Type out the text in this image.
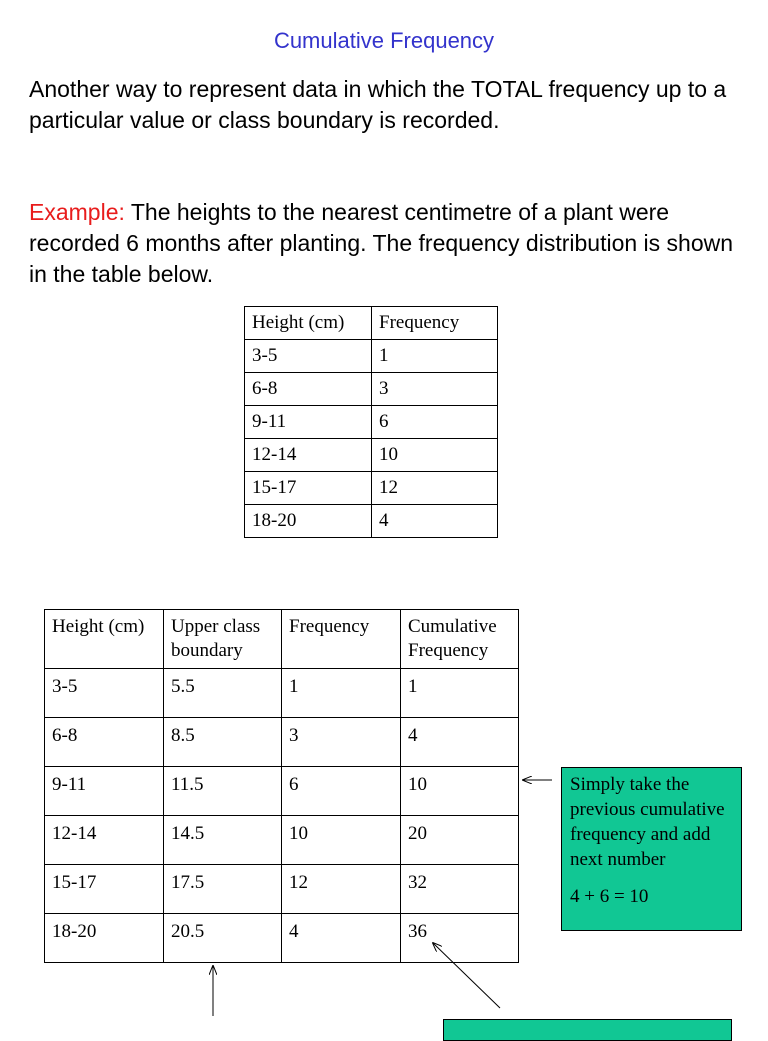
Cumulative Frequency
Another way to represent data in which the TOTAL frequency up to a particular value or class boundary is recorded.
Example: The heights to the nearest centimetre of a plant were recorded 6 months after planting. The frequency distribution is shown in the table below.
Height (cm)	Frequency
3-5	1
6-8	3
9-11	6
12-14	10
15-17	12
18-20	4
Height (cm)	Upper class boundary	Frequency	Cumulative Frequency
3-5	5.5	1	1
6-8	8.5	3	4
9-11	11.5	6	10
12-14	14.5	10	20
15-17	17.5	12	32
18-20	20.5	4	36
Simply take the previous cumulative frequency and add next number
4 + 6 = 10
